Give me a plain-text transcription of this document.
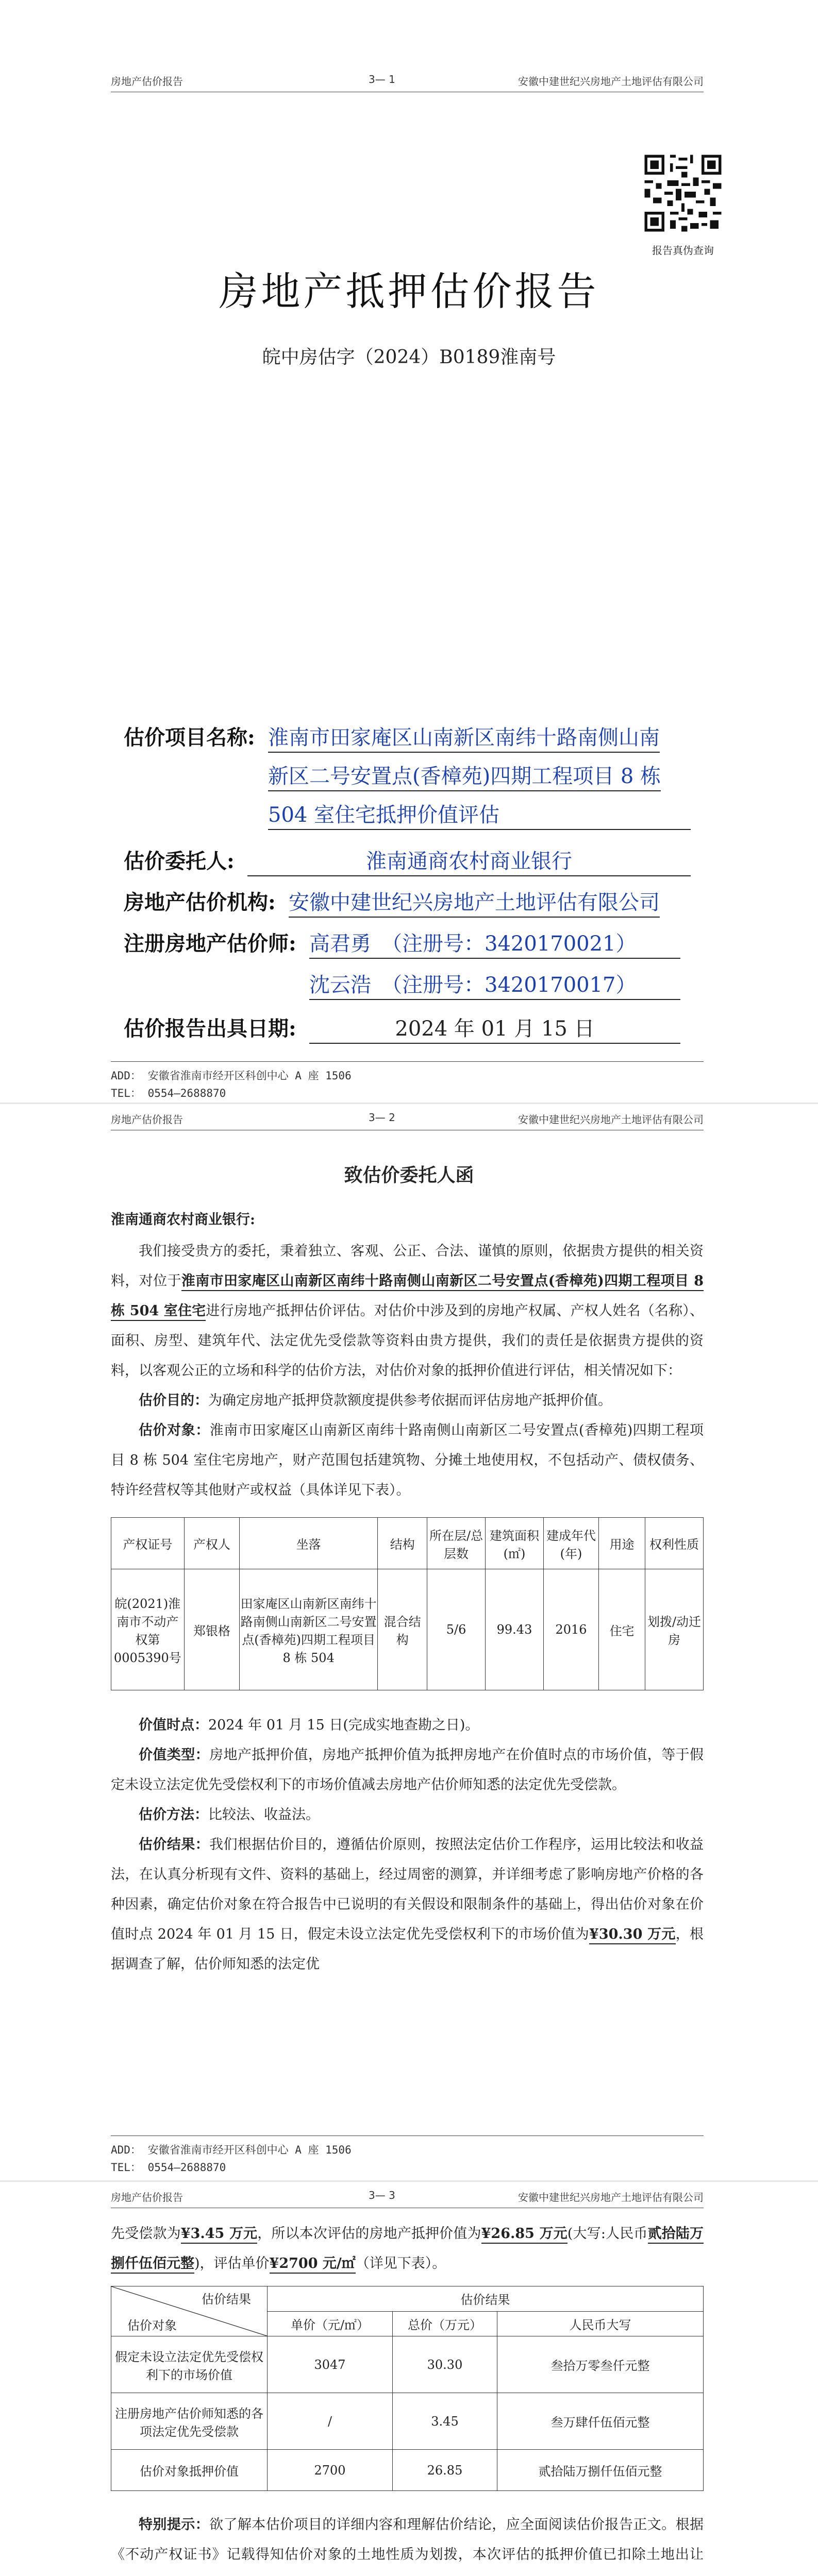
房地产估价报告	3— 1	安徽中建世纪兴房地产土地评估有限公司
报告真伪查询
房地产抵押估价报告
皖中房估字（2024）B0189淮南号
估价项目名称: 淮南市田家庵区山南新区南纬十路南侧山南
新区二号安置点(香樟苑)四期工程项目 8 栋
504 室住宅抵押价值评估
估价委托人:	淮南通商农村商业银行
房地产估价机构: 安徽中建世纪兴房地产土地评估有限公司
注册房地产估价师: 高君勇　（注册号：3420170021）
沈云浩　（注册号：3420170017）
估价报告出具日期:	2024 年 01 月 15 日
ADD： 安徽省淮南市经开区科创中心 A 座 1506
TEL： 0554—2688870
房地产估价报告	3— 2	安徽中建世纪兴房地产土地评估有限公司
致估价委托人函
淮南通商农村商业银行:

我们接受贵方的委托，秉着独立、客观、公正、合法、谨慎的原则，依据贵方提供的相关资料，对位于淮南市田家庵区山南新区南纬十路南侧山南新区二号安置点(香樟苑)四期工程项目 8 栋 504 室住宅进行房地产抵押估价评估。对估价中涉及到的房地产权属、产权人姓名（名称）、面积、房型、建筑年代、法定优先受偿款等资料由贵方提供，我们的责任是依据贵方提供的资料，以客观公正的立场和科学的估价方法，对估价对象的抵押价值进行评估，相关情况如下：

估价目的：为确定房地产抵押贷款额度提供参考依据而评估房地产抵押价值。

估价对象：淮南市田家庵区山南新区南纬十路南侧山南新区二号安置点(香樟苑)四期工程项目 8 栋 504 室住宅房地产，财产范围包括建筑物、分摊土地使用权，不包括动产、债权债务、特许经营权等其他财产或权益（具体详见下表）。

产权证号	产权人	坐落	结构	所在层/总层数	建筑面积(㎡)	建成年代(年)	用途	权利性质
皖(2021)淮南市不动产权第0005390号	郑银格	田家庵区山南新区南纬十路南侧山南新区二号安置点(香樟苑)四期工程项目 8 栋 504	混合结构	5/6	99.43	2016	住宅	划拨/动迁房

价值时点：2024 年 01 月 15 日(完成实地查勘之日)。

价值类型：房地产抵押价值，房地产抵押价值为抵押房地产在价值时点的市场价值，等于假定未设立法定优先受偿权利下的市场价值减去房地产估价师知悉的法定优先受偿款。

估价方法：比较法、收益法。

估价结果：我们根据估价目的，遵循估价原则，按照法定估价工作程序，运用比较法和收益法，在认真分析现有文件、资料的基础上，经过周密的测算，并详细考虑了影响房地产价格的各种因素，确定估价对象在符合报告中已说明的有关假设和限制条件的基础上，得出估价对象在价值时点 2024 年 01 月 15 日，假定未设立法定优先受偿权利下的市场价值为¥30.30 万元，根据调查了解，估价师知悉的法定优

ADD： 安徽省淮南市经开区科创中心 A 座 1506
TEL： 0554—2688870
房地产估价报告	3— 3	安徽中建世纪兴房地产土地评估有限公司
先受偿款为¥3.45 万元，所以本次评估的房地产抵押价值为¥26.85 万元(大写:人民币贰拾陆万捌仟伍佰元整)，评估单价¥2700 元/㎡（详见下表）。
估价结果
估价对象	估价结果		
	单价（元/㎡）	总价（万元）	人民币大写
假定未设立法定优先受偿权利下的市场价值	3047	30.30	叁拾万零叁仟元整
注册房地产估价师知悉的各项法定优先受偿款	/	3.45	叁万肆仟伍佰元整
估价对象抵押价值	2700	26.85	贰拾陆万捌仟伍佰元整

特别提示：欲了解本估价项目的详细内容和理解估价结论，应全面阅读估价报告正文。根据《不动产权证书》记载得知估价对象的土地性质为划拨，本次评估的抵押价值已扣除土地出让
